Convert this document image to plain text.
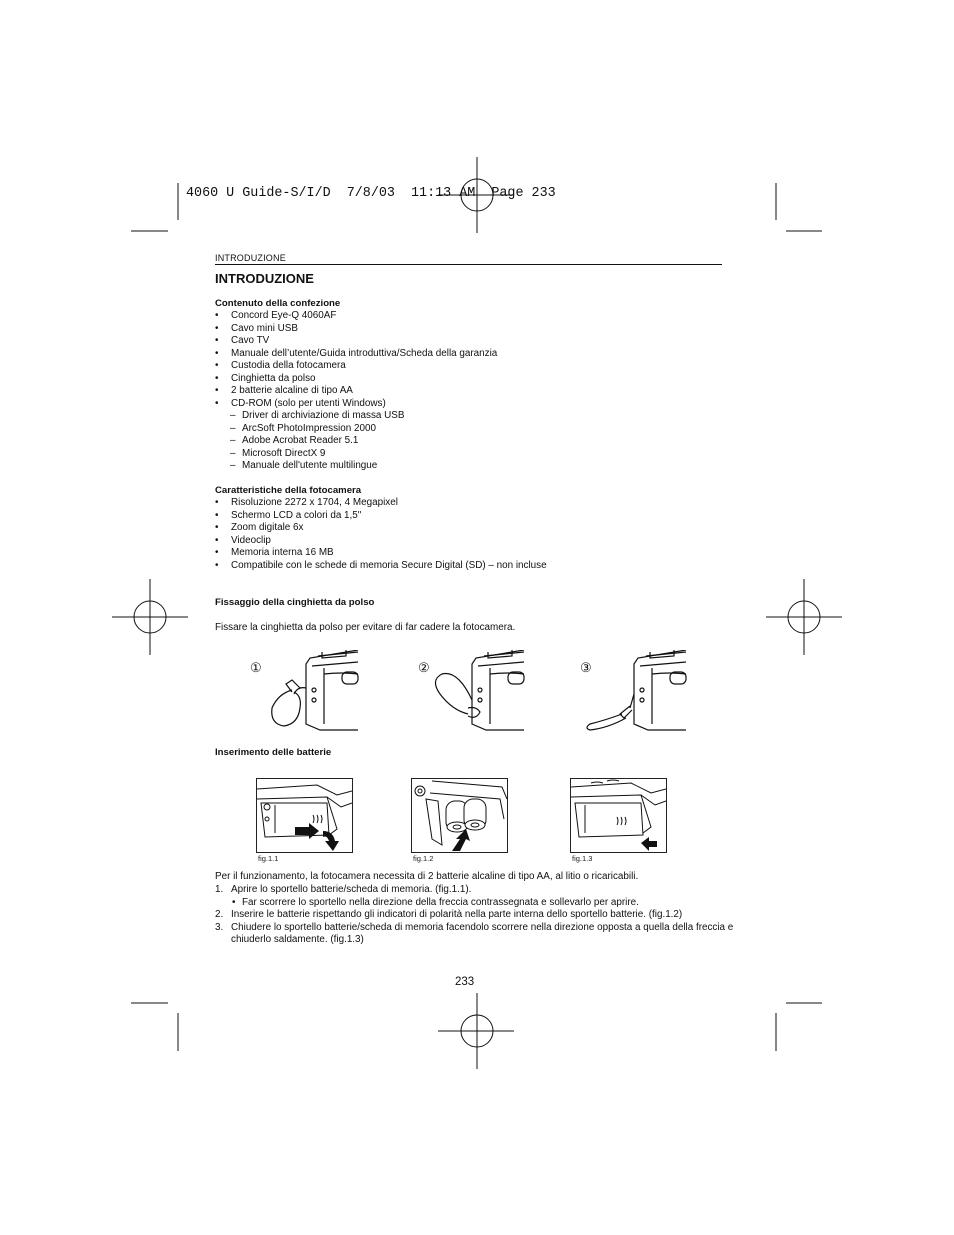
4060 U Guide-S/I/D  7/8/03  11:13 AM  Page 233
INTRODUZIONE
INTRODUZIONE
Contenuto della confezione
• Concord Eye-Q 4060AF
• Cavo mini USB
• Cavo TV
• Manuale dell’utente/Guida introduttiva/Scheda della garanzia
• Custodia della fotocamera
• Cinghietta da polso
• 2 batterie alcaline di tipo AA
• CD-ROM (solo per utenti Windows)
– Driver di archiviazione di massa USB
– ArcSoft PhotoImpression 2000
– Adobe Acrobat Reader 5.1
– Microsoft DirectX 9
– Manuale dell'utente multilingue
Caratteristiche della fotocamera
• Risoluzione 2272 x 1704, 4 Megapixel
• Schermo LCD a colori da 1,5"
• Zoom digitale 6x
• Videoclip
• Memoria interna 16 MB
• Compatibile con le schede di memoria Secure Digital (SD) – non incluse
Fissaggio della cinghietta da polso
Fissare la cinghietta da polso per evitare di far cadere la fotocamera.
①	②	③
Inserimento delle batterie
fig.1.1	fig.1.2	fig.1.3
Per il funzionamento, la fotocamera necessita di 2 batterie alcaline di tipo AA, al litio o ricaricabili.
1. Aprire lo sportello batterie/scheda di memoria. (fig.1.1).
• Far scorrere lo sportello nella direzione della freccia contrassegnata e sollevarlo per aprire.
2. Inserire le batterie rispettando gli indicatori di polarità nella parte interna dello sportello batterie. (fig.1.2)
3. Chiudere lo sportello batterie/scheda di memoria facendolo scorrere nella direzione opposta a quella della freccia e chiuderlo saldamente. (fig.1.3)
233
